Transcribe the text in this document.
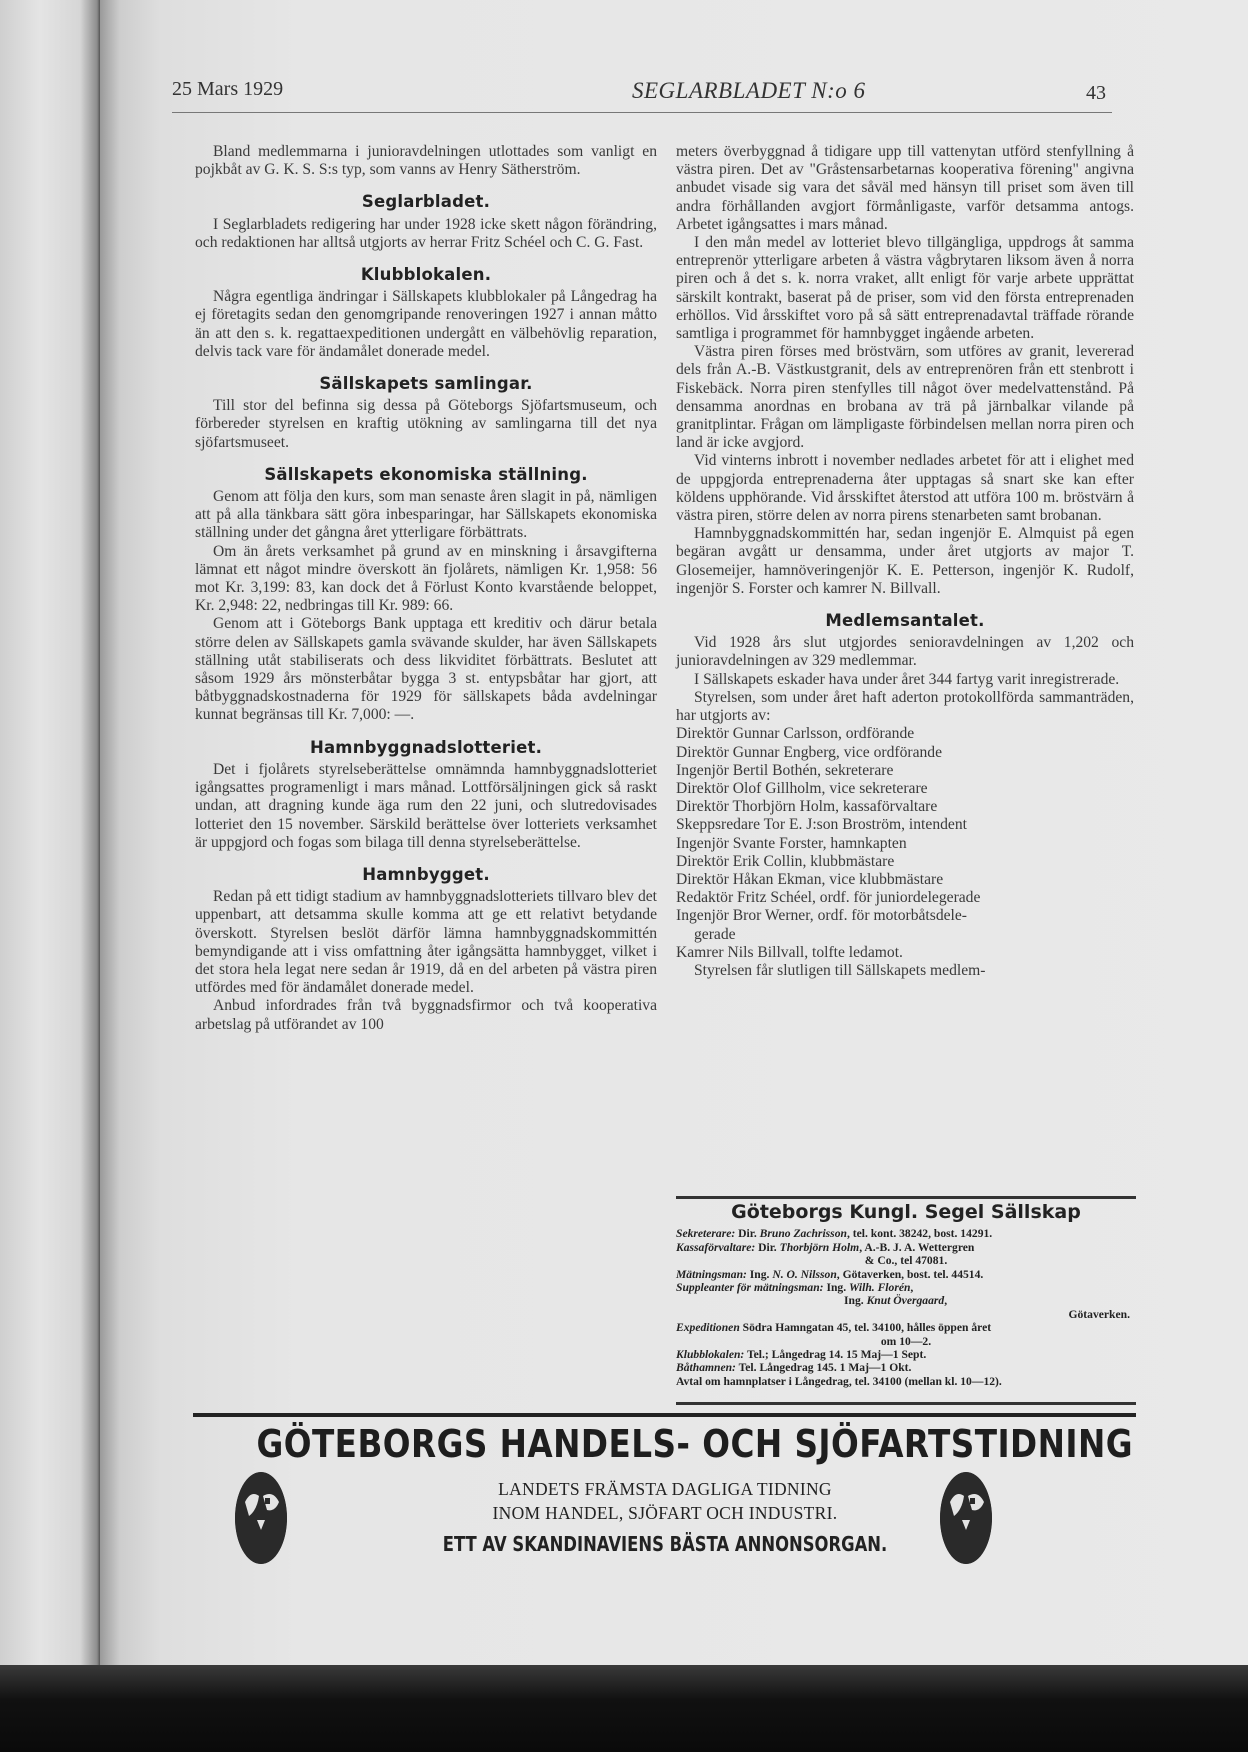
25 Mars 1929	SEGLARBLADET N:o 6	43

Bland medlemmarna i junioravdelningen utlottades som vanligt en pojkbåt av G. K. S. S:s typ, som vanns av Henry Sätherström.

Seglarbladet.

I Seglarbladets redigering har under 1928 icke skett någon förändring, och redaktionen har alltså utgjorts av herrar Fritz Schéel och C. G. Fast.

Klubblokalen.

Några egentliga ändringar i Sällskapets klubblokaler på Långedrag ha ej företagits sedan den genomgripande renoveringen 1927 i annan måtto än att den s. k. regattaexpeditionen undergått en välbehövlig reparation, delvis tack vare för ändamålet donerade medel.

Sällskapets samlingar.

Till stor del befinna sig dessa på Göteborgs Sjöfartsmuseum, och förbereder styrelsen en kraftig utökning av samlingarna till det nya sjöfartsmuseet.

Sällskapets ekonomiska ställning.

Genom att följa den kurs, som man senaste åren slagit in på, nämligen att på alla tänkbara sätt göra inbesparingar, har Sällskapets ekonomiska ställning under det gångna året ytterligare förbättrats.

Om än årets verksamhet på grund av en minskning i årsavgifterna lämnat ett något mindre överskott än fjolårets, nämligen Kr. 1,958: 56 mot Kr. 3,199: 83, kan dock det å Förlust Konto kvarstående beloppet, Kr. 2,948: 22, nedbringas till Kr. 989: 66.

Genom att i Göteborgs Bank upptaga ett kreditiv och därur betala större delen av Sällskapets gamla svävande skulder, har även Sällskapets ställning utåt stabiliserats och dess likviditet förbättrats. Beslutet att såsom 1929 års mönsterbåtar bygga 3 st. entypsbåtar har gjort, att båtbyggnadskostnaderna för 1929 för sällskapets båda avdelningar kunnat begränsas till Kr. 7,000: —.

Hamnbyggnadslotteriet.

Det i fjolårets styrelseberättelse omnämnda hamnbyggnadslotteriet igångsattes programenligt i mars månad. Lottförsäljningen gick så raskt undan, att dragning kunde äga rum den 22 juni, och slutredovisades lotteriet den 15 november. Särskild berättelse över lotteriets verksamhet är uppgjord och fogas som bilaga till denna styrelseberättelse.

Hamnbygget.

Redan på ett tidigt stadium av hamnbyggnadslotteriets tillvaro blev det uppenbart, att detsamma skulle komma att ge ett relativt betydande överskott. Styrelsen beslöt därför lämna hamnbyggnadskommittén bemyndigande att i viss omfattning åter igångsätta hamnbygget, vilket i det stora hela legat nere sedan år 1919, då en del arbeten på västra piren utfördes med för ändamålet donerade medel.

Anbud infordrades från två byggnadsfirmor och två kooperativa arbetslag på utförandet av 100

meters överbyggnad å tidigare upp till vattenytan utförd stenfyllning å västra piren. Det av "Gråstensarbetarnas kooperativa förening" angivna anbudet visade sig vara det såväl med hänsyn till priset som även till andra förhållanden avgjort förmånligaste, varför detsamma antogs. Arbetet igångsattes i mars månad.

I den mån medel av lotteriet blevo tillgängliga, uppdrogs åt samma entreprenör ytterligare arbeten å västra vågbrytaren liksom även å norra piren och å det s. k. norra vraket, allt enligt för varje arbete upprättat särskilt kontrakt, baserat på de priser, som vid den första entreprenaden erhöllos. Vid årsskiftet voro på så sätt entreprenadavtal träffade rörande samtliga i programmet för hamnbygget ingående arbeten.

Västra piren förses med bröstvärn, som utföres av granit, levererad dels från A.-B. Västkustgranit, dels av entreprenören från ett stenbrott i Fiskebäck. Norra piren stenfylles till något över medelvattenstånd. På densamma anordnas en brobana av trä på järnbalkar vilande på granitplintar. Frågan om lämpligaste förbindelsen mellan norra piren och land är icke avgjord.

Vid vinterns inbrott i november nedlades arbetet för att i elighet med de uppgjorda entreprenaderna åter upptagas så snart ske kan efter köldens upphörande. Vid årsskiftet återstod att utföra 100 m. bröstvärn å västra piren, större delen av norra pirens stenarbeten samt brobanan.

Hamnbyggnadskommittén har, sedan ingenjör E. Almquist på egen begäran avgått ur densamma, under året utgjorts av major T. Glosemeijer, hamnöveringenjör K. E. Petterson, ingenjör K. Rudolf, ingenjör S. Forster och kamrer N. Billvall.

Medlemsantalet.

Vid 1928 års slut utgjordes senioravdelningen av 1,202 och junioravdelningen av 329 medlemmar.

I Sällskapets eskader hava under året 344 fartyg varit inregistrerade.

Styrelsen, som under året haft aderton protokollförda sammanträden, har utgjorts av:

Direktör Gunnar Carlsson, ordförande

Direktör Gunnar Engberg, vice ordförande

Ingenjör Bertil Bothén, sekreterare

Direktör Olof Gillholm, vice sekreterare

Direktör Thorbjörn Holm, kassaförvaltare

Skeppsredare Tor E. J:son Broström, intendent

Ingenjör Svante Forster, hamnkapten

Direktör Erik Collin, klubbmästare

Direktör Håkan Ekman, vice klubbmästare

Redaktör Fritz Schéel, ordf. för juniordelegerade

Ingenjör Bror Werner, ordf. för motorbåtsdele-

gerade

Kamrer Nils Billvall, tolfte ledamot.

Styrelsen får slutligen till Sällskapets medlem-

Göteborgs Kungl. Segel Sällskap
Sekreterare: Dir. Bruno Zachrisson, tel. kont. 38242, bost. 14291.
Kassaförvaltare: Dir. Thorbjörn Holm, A.-B. J. A. Wettergren
& Co., tel 47081.
Mätningsman: Ing. N. O. Nilsson, Götaverken, bost. tel. 44514.
Suppleanter för mätningsman: Ing. Wilh. Florén,
Ing. Knut Övergaard,
Götaverken.
Expeditionen Södra Hamngatan 45, tel. 34100, hålles öppen året
om 10—2.
Klubblokalen: Tel.; Långedrag 14. 15 Maj—1 Sept.
Båthamnen: Tel. Långedrag 145. 1 Maj—1 Okt.
Avtal om hamnplatser i Långedrag, tel. 34100 (mellan kl. 10—12).
GÖTEBORGS HANDELS- OCH SJÖFARTSTIDNING
LANDETS FRÄMSTA DAGLIGA TIDNING
INOM HANDEL, SJÖFART OCH INDUSTRI.
ETT AV SKANDINAVIENS BÄSTA ANNONSORGAN.
